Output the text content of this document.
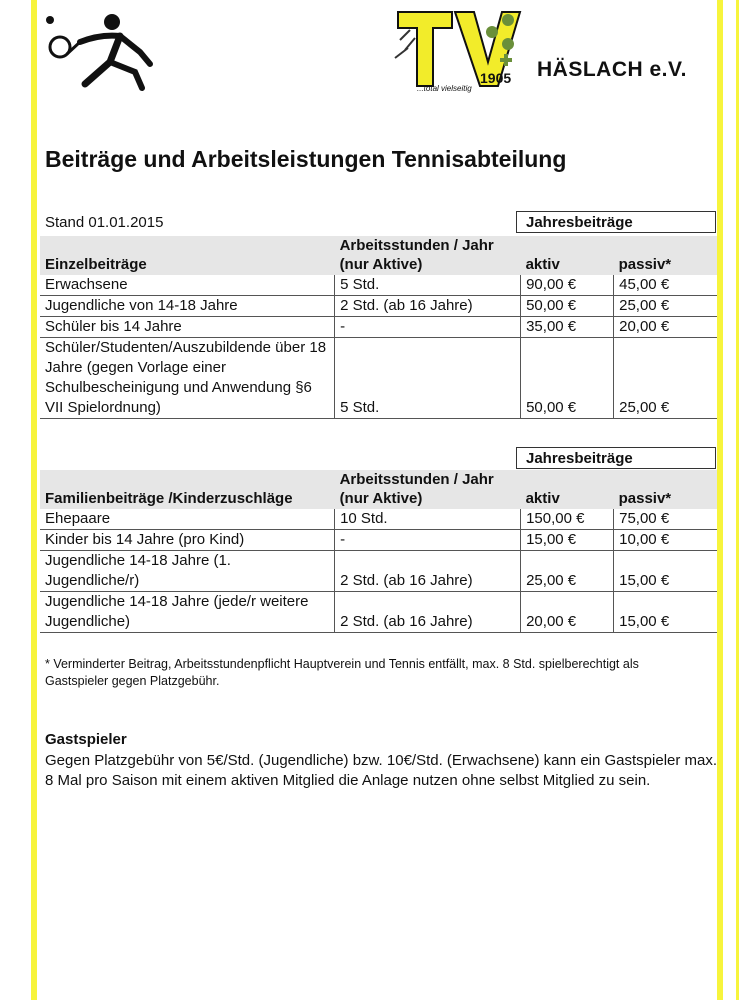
1905
...total vielseitig
HÄSLACH e.V.
Beiträge und Arbeitsleistungen Tennisabteilung
Stand 01.01.2015	Jahresbeiträge
Einzelbeiträge	Arbeitsstunden / Jahr (nur Aktive)	aktiv	passiv*
Erwachsene	5 Std.	90,00 €	45,00 €
Jugendliche von 14-18 Jahre	2 Std. (ab 16 Jahre)	50,00 €	25,00 €
Schüler bis 14 Jahre	-	35,00 €	20,00 €
Schüler/Studenten/Auszubildende über 18 Jahre (gegen Vorlage einer Schulbescheinigung und Anwendung §6 VII Spielordnung)	5 Std.	50,00 €	25,00 €
Jahresbeiträge
Familienbeiträge /Kinderzuschläge	Arbeitsstunden / Jahr (nur Aktive)	aktiv	passiv*
Ehepaare	10 Std.	150,00 €	75,00 €
Kinder bis 14 Jahre (pro Kind)	-	15,00 €	10,00 €
Jugendliche 14-18 Jahre (1. Jugendliche/r)	2 Std. (ab 16 Jahre)	25,00 €	15,00 €
Jugendliche 14-18 Jahre (jede/r weitere Jugendliche)	2 Std. (ab 16 Jahre)	20,00 €	15,00 €
* Verminderter Beitrag, Arbeitsstundenpflicht Hauptverein und Tennis entfällt, max. 8 Std. spielberechtigt als Gastspieler gegen Platzgebühr.
Gastspieler
Gegen Platzgebühr von 5€/Std. (Jugendliche) bzw. 10€/Std. (Erwachsene) kann ein Gastspieler max. 8 Mal pro Saison mit einem aktiven Mitglied die Anlage nutzen ohne selbst Mitglied zu sein.
